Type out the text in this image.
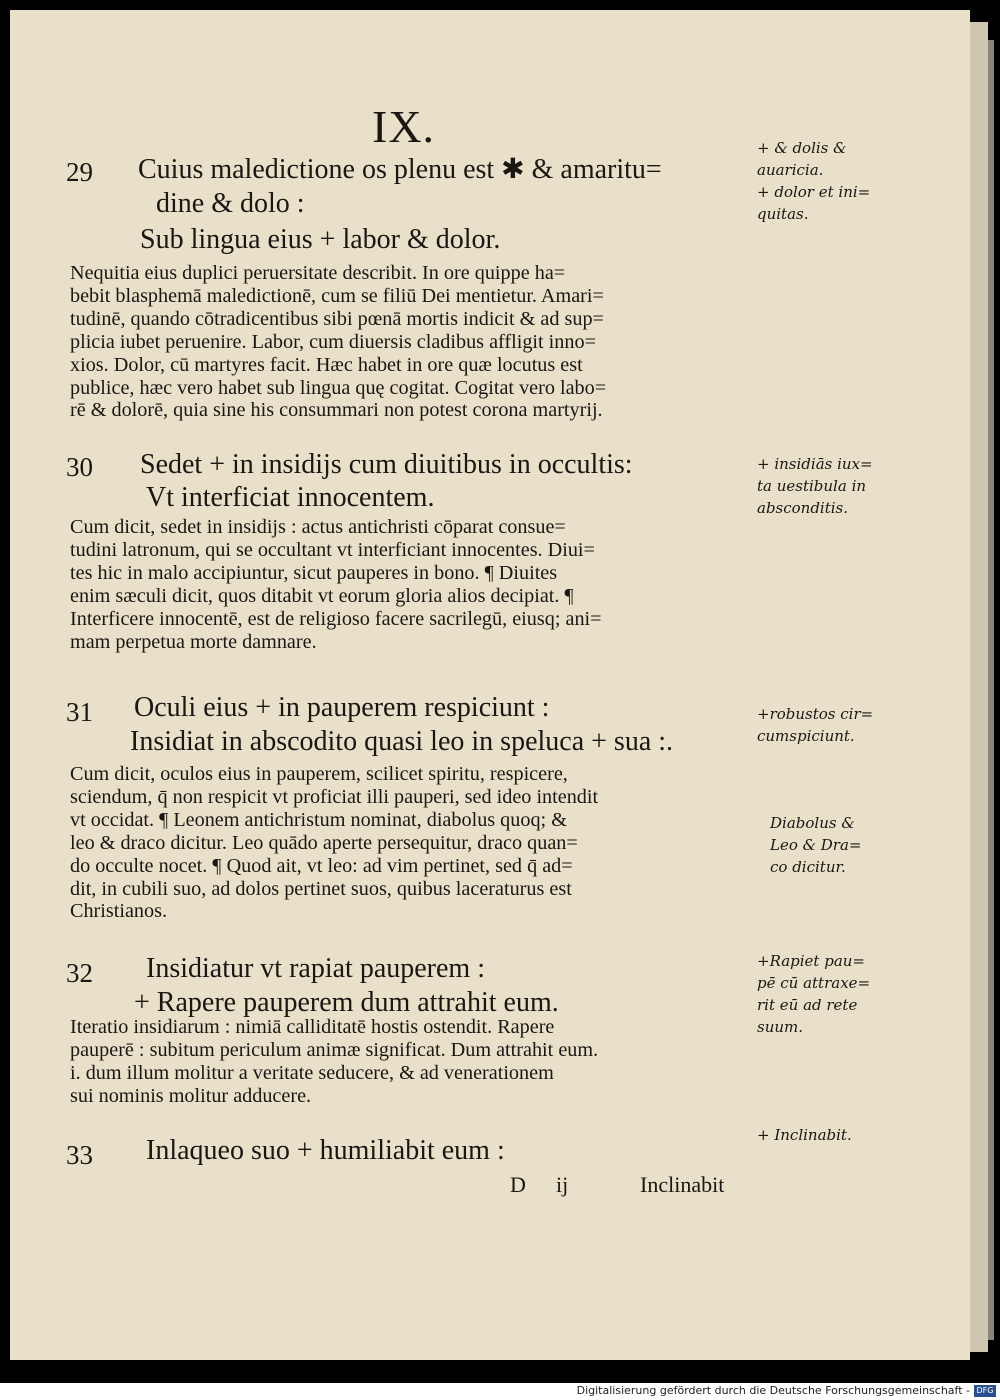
IX.
29 Cuius maledictione os plenu est ✱ & amaritu=
dine & dolo :
Sub lingua eius + labor & dolor.
Nequitia eius duplici peruersitate describit. In ore quippe ha=
bebit blasphemā maledictionē, cum se filiū Dei mentietur. Amari=
tudinē, quando cōtradicentibus sibi pœnā mortis indicit & ad sup=
plicia iubet peruenire. Labor, cum diuersis cladibus affligit inno=
xios. Dolor, cū martyres facit. Hæc habet in ore quæ locutus est
publice, hæc vero habet sub lingua quę cogitat. Cogitat vero labo=
rē & dolorē, quia sine his consummari non potest corona martyrij.
30 Sedet + in insidijs cum diuitibus in occultis:
Vt interficiat innocentem.
Cum dicit, sedet in insidijs : actus antichristi cōparat consue=
tudini latronum, qui se occultant vt interficiant innocentes. Diui=
tes hic in malo accipiuntur, sicut pauperes in bono. ¶ Diuites
enim sæculi dicit, quos ditabit vt eorum gloria alios decipiat. ¶
Interficere innocentē, est de religioso facere sacrilegū, eiusq; ani=
mam perpetua morte damnare.
31 Oculi eius + in pauperem respiciunt :
Insidiat in abscodito quasi leo in speluca + sua :.
Cum dicit, oculos eius in pauperem, scilicet spiritu, respicere,
sciendum, q̄ non respicit vt proficiat illi pauperi, sed ideo intendit
vt occidat. ¶ Leonem antichristum nominat, diabolus quoq; &
leo & draco dicitur. Leo quādo aperte persequitur, draco quan=
do occulte nocet. ¶ Quod ait, vt leo: ad vim pertinet, sed q̄ ad=
dit, in cubili suo, ad dolos pertinet suos, quibus laceraturus est
Christianos.
32 Insidiatur vt rapiat pauperem :
+ Rapere pauperem dum attrahit eum.
Iteratio insidiarum : nimiā calliditatē hostis ostendit. Rapere
pauperē : subitum periculum animæ significat. Dum attrahit eum.
i. dum illum molitur a veritate seducere, & ad venerationem
sui nominis molitur adducere.
33 Inlaqueo suo + humiliabit eum :
+ & dolis &
auaricia.
+ dolor et ini=
quitas.
+ insidiās iux=
ta uestibula in
absconditis.
+robustos cir=
cumspiciunt.
Diabolus &
Leo & Dra=
co dicitur.
+Rapiet pau=
pē cū attraxe=
rit eū ad rete
suum.
+ Inclinabit.
D ij	Inclinabit
Digitalisierung gefördert durch die Deutsche Forschungsgemeinschaft - DFG
